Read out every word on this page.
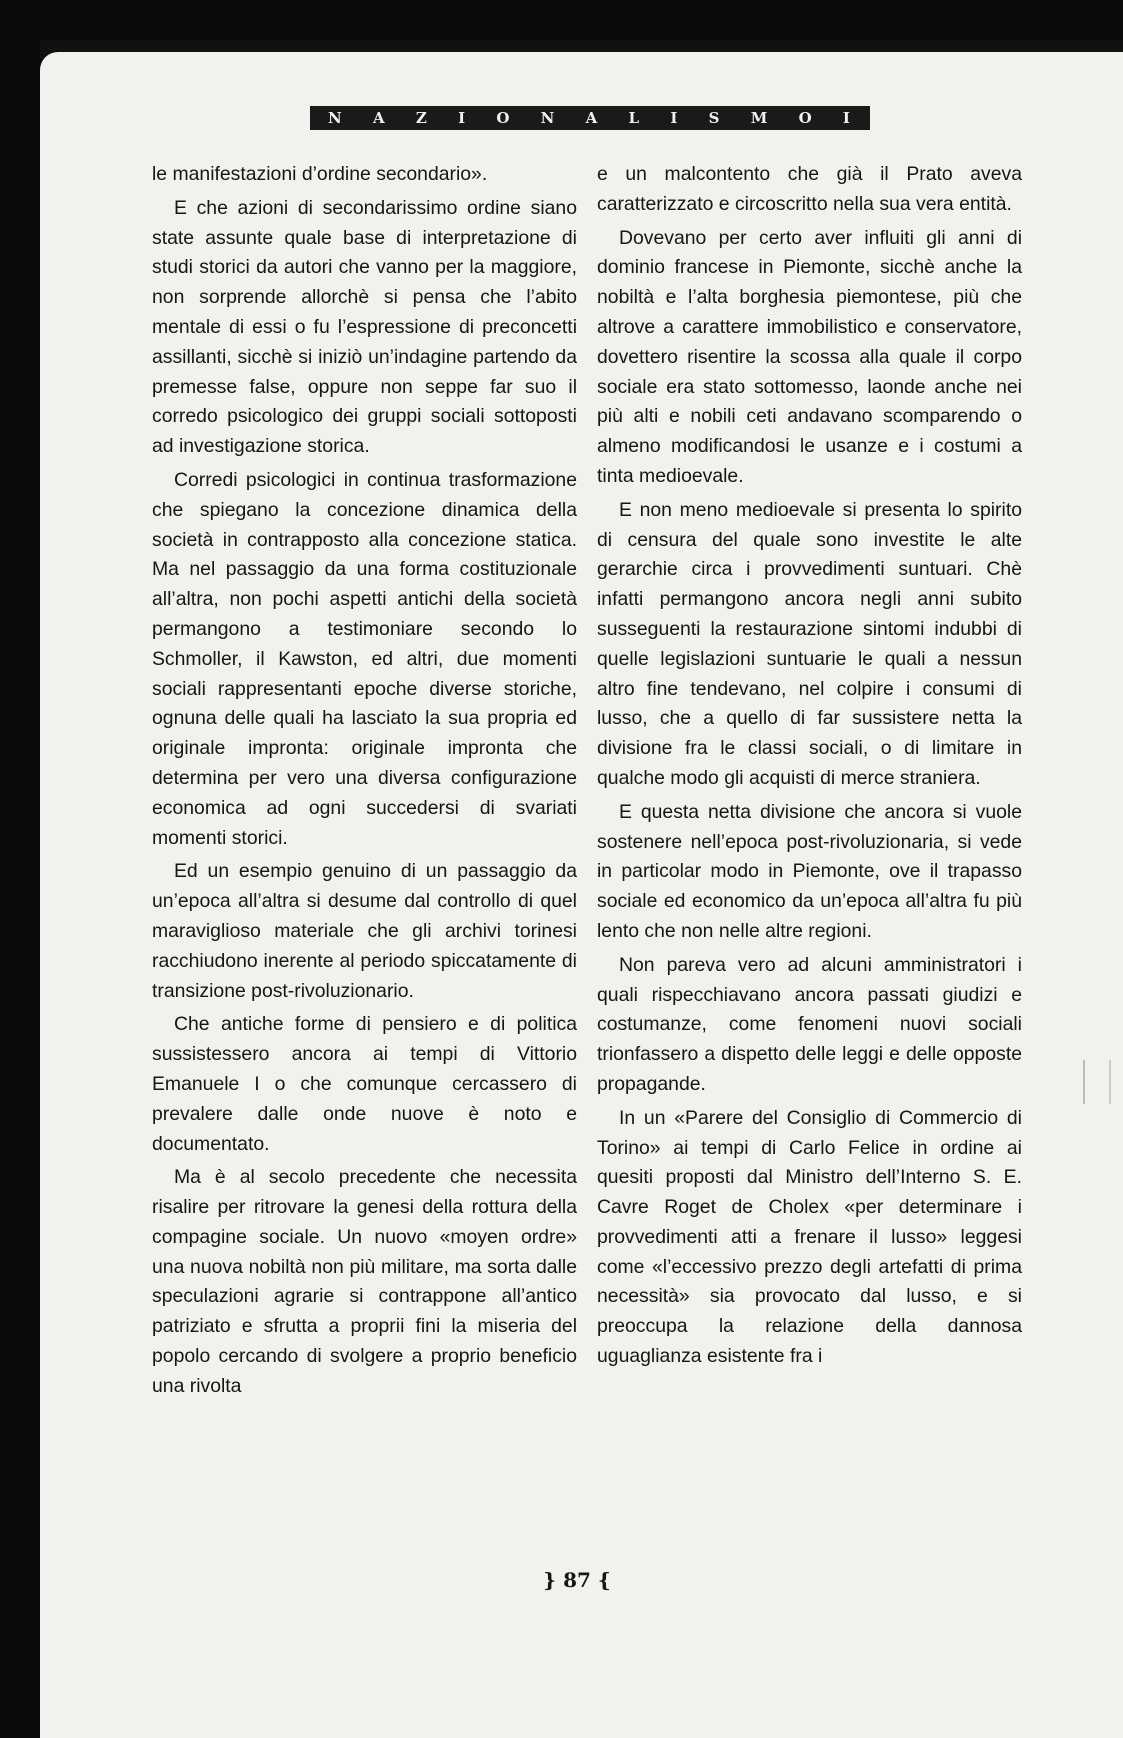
N A Z I O N A L I S M O I

le manifestazioni d’ordine secondario».

E che azioni di secondarissimo ordine siano state assunte quale base di interpretazione di studi storici da autori che vanno per la maggiore, non sorprende allorchè si pensa che l’abito mentale di essi o fu l’espressione di preconcetti assillanti, sicchè si iniziò un’indagine partendo da premesse false, oppure non seppe far suo il corredo psicologico dei gruppi sociali sottoposti ad investigazione storica.

Corredi psicologici in continua trasformazione che spiegano la concezione dinamica della società in contrapposto alla concezione statica. Ma nel passaggio da una forma costituzionale all’altra, non pochi aspetti antichi della società permangono a testimoniare secondo lo Schmoller, il Kawston, ed altri, due momenti sociali rappresentanti epoche diverse storiche, ognuna delle quali ha lasciato la sua propria ed originale impronta: originale impronta che determina per vero una diversa configurazione economica ad ogni succedersi di svariati momenti storici.

Ed un esempio genuino di un passaggio da un’epoca all’altra si desume dal controllo di quel maraviglioso materiale che gli archivi torinesi racchiudono inerente al periodo spiccatamente di transizione post-rivoluzionario.

Che antiche forme di pensiero e di politica sussistessero ancora ai tempi di Vittorio Emanuele I o che comunque cercassero di prevalere dalle onde nuove è noto e documentato.

Ma è al secolo precedente che necessita risalire per ritrovare la genesi della rottura della compagine sociale. Un nuovo «moyen ordre» una nuova nobiltà non più militare, ma sorta dalle speculazioni agrarie si contrappone all’antico patriziato e sfrutta a proprii fini la miseria del popolo cercando di svolgere a proprio beneficio una rivolta

e un malcontento che già il Prato aveva caratterizzato e circoscritto nella sua vera entità.

Dovevano per certo aver influiti gli anni di dominio francese in Piemonte, sicchè anche la nobiltà e l’alta borghesia piemontese, più che altrove a carattere immobilistico e conservatore, dovettero risentire la scossa alla quale il corpo sociale era stato sottomesso, laonde anche nei più alti e nobili ceti andavano scomparendo o almeno modificandosi le usanze e i costumi a tinta medioevale.

E non meno medioevale si presenta lo spirito di censura del quale sono investite le alte gerarchie circa i provvedimenti suntuari. Chè infatti permangono ancora negli anni subito susseguenti la restaurazione sintomi indubbi di quelle legislazioni suntuarie le quali a nessun altro fine tendevano, nel colpire i consumi di lusso, che a quello di far sussistere netta la divisione fra le classi sociali, o di limitare in qualche modo gli acquisti di merce straniera.

E questa netta divisione che ancora si vuole sostenere nell’epoca post-rivoluzionaria, si vede in particolar modo in Piemonte, ove il trapasso sociale ed economico da un’epoca all’altra fu più lento che non nelle altre regioni.

Non pareva vero ad alcuni amministratori i quali rispecchiavano ancora passati giudizi e costumanze, come fenomeni nuovi sociali trionfassero a dispetto delle leggi e delle opposte propagande.

In un «Parere del Consiglio di Commercio di Torino» ai tempi di Carlo Felice in ordine ai quesiti proposti dal Ministro dell’Interno S. E. Cavre Roget de Cholex «per determinare i provvedimenti atti a frenare il lusso» leggesi come «l’eccessivo prezzo degli artefatti di prima necessità» sia provocato dal lusso, e si preoccupa la relazione della dannosa uguaglianza esistente fra i

} 87 {
